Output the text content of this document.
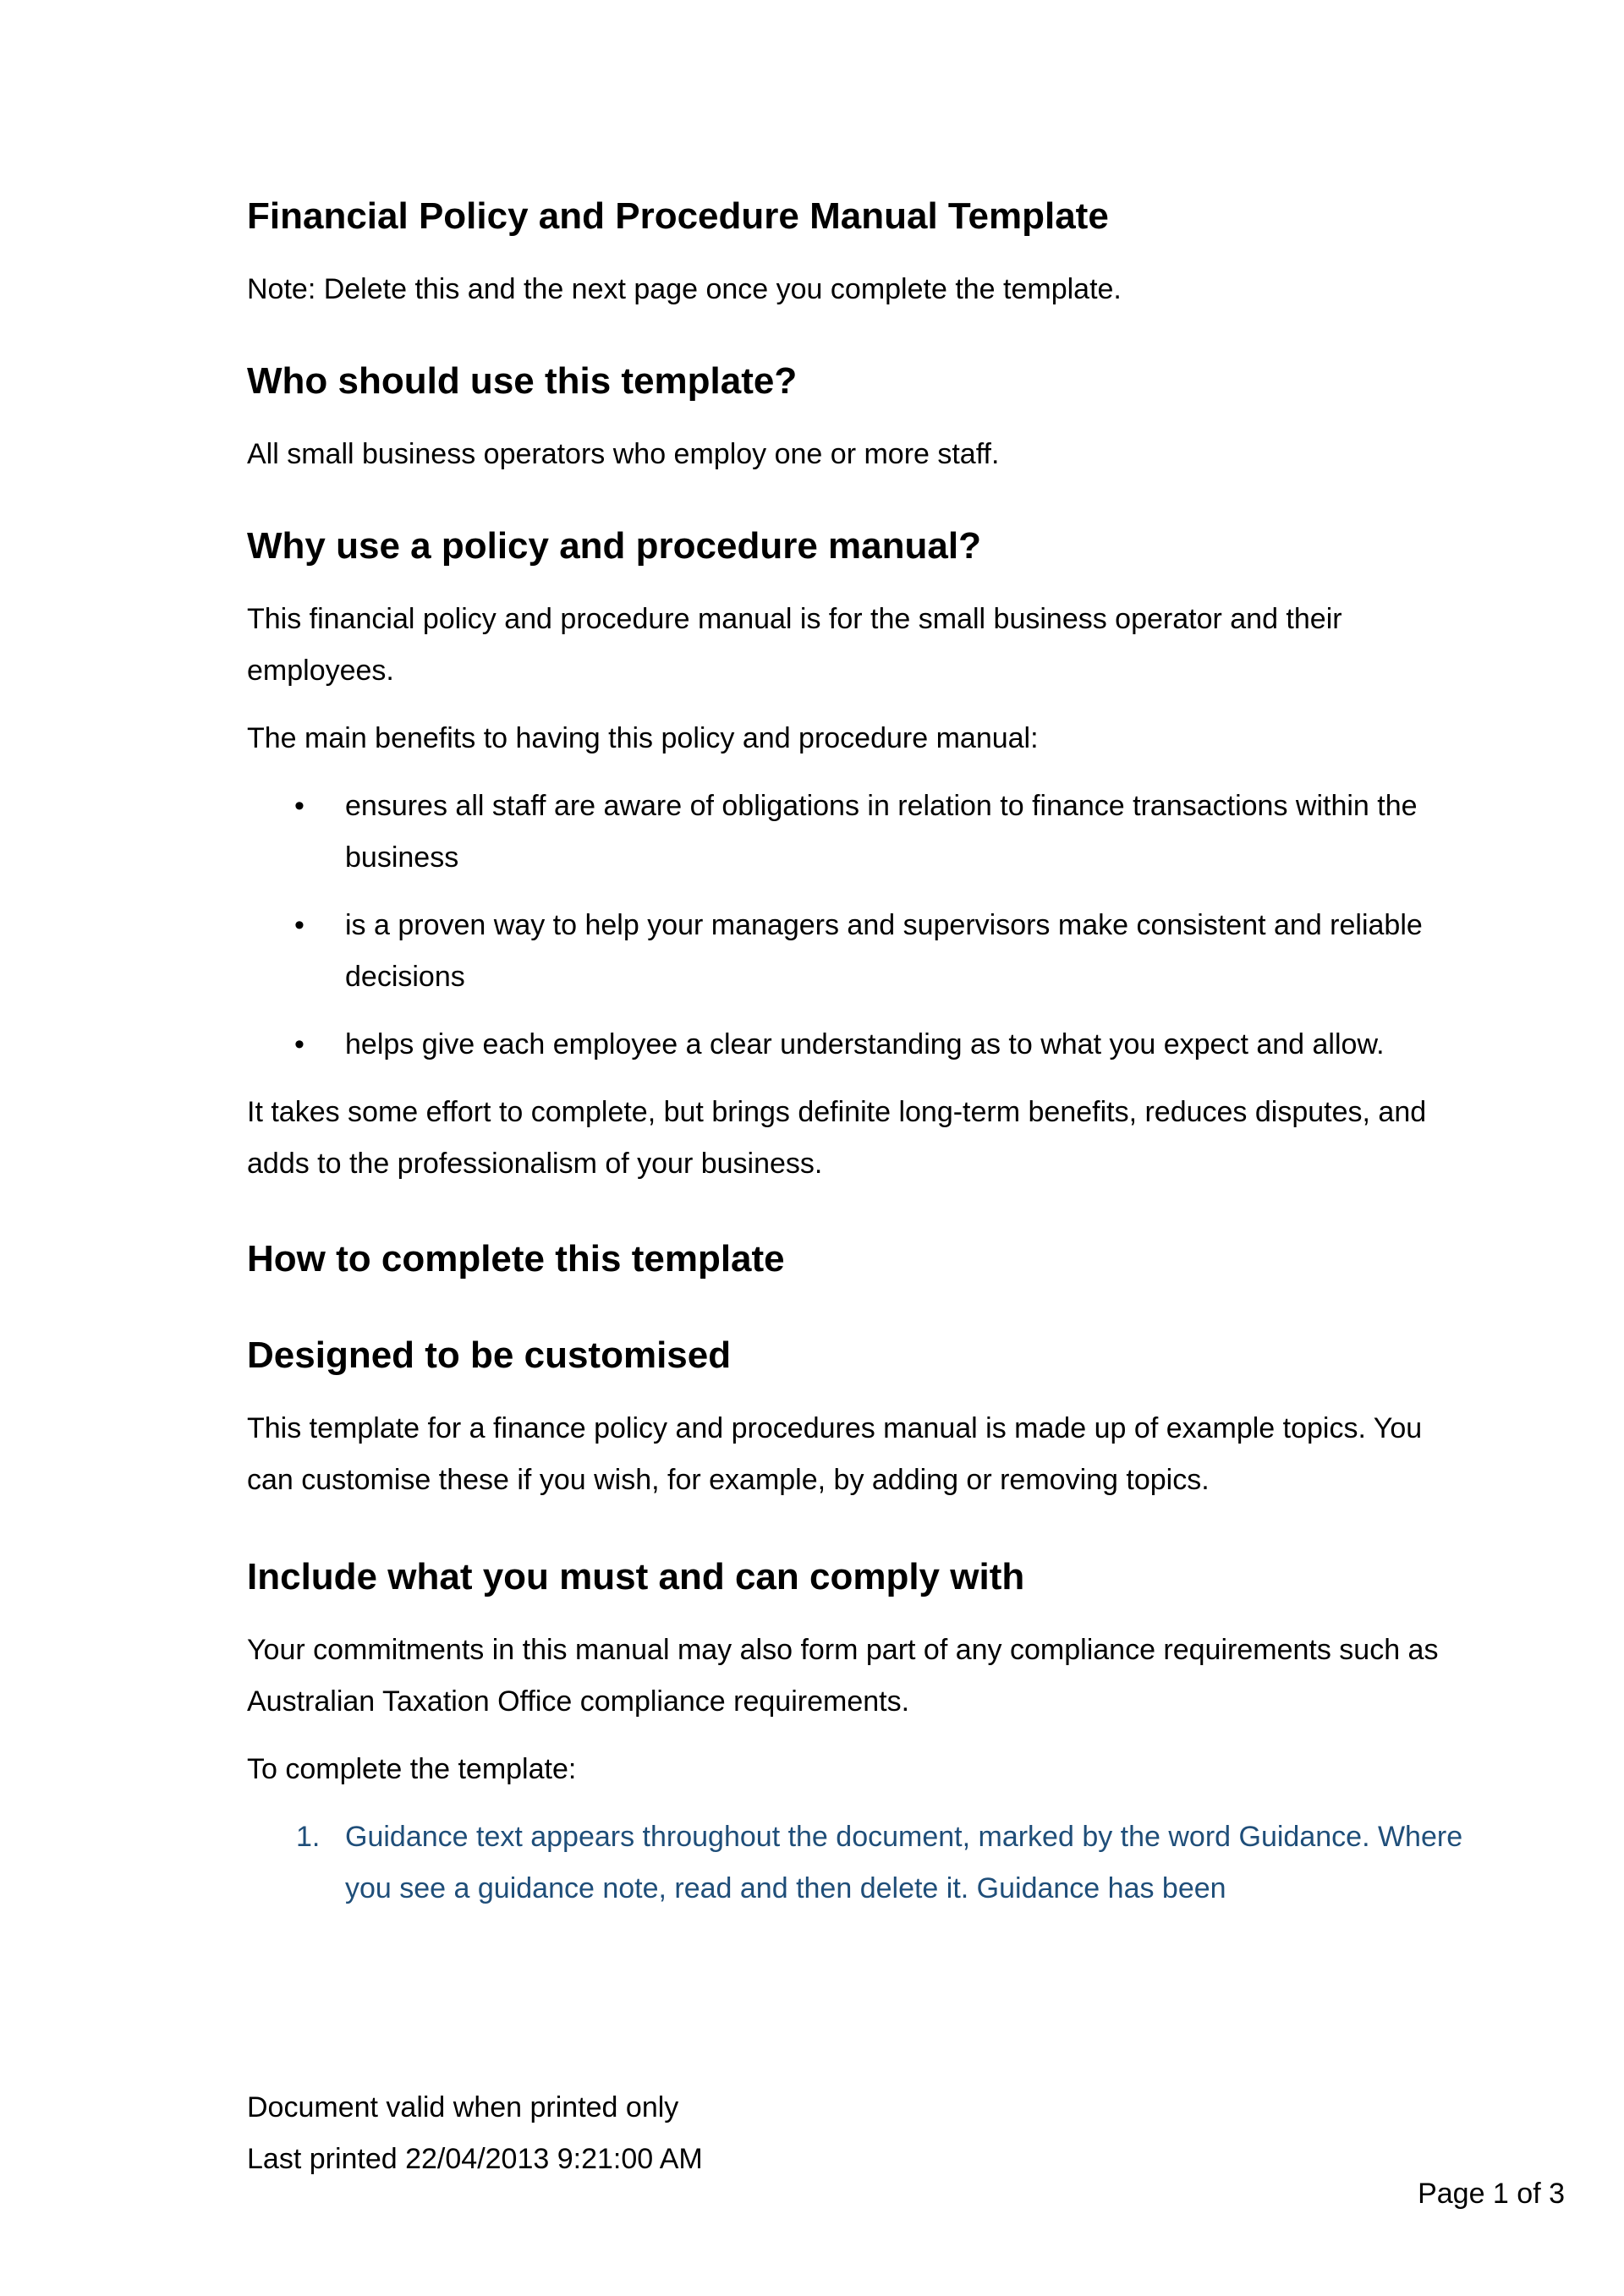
Financial Policy and Procedure Manual Template

Note: Delete this and the next page once you complete the template.

Who should use this template?

All small business operators who employ one or more staff.

Why use a policy and procedure manual?

This financial policy and procedure manual is for the small business operator and their employees.

The main benefits to having this policy and procedure manual:

• ensures all staff are aware of obligations in relation to finance transactions within the business
• is a proven way to help your managers and supervisors make consistent and reliable decisions
• helps give each employee a clear understanding as to what you expect and allow.

It takes some effort to complete, but brings definite long-term benefits, reduces disputes, and adds to the professionalism of your business.

How to complete this template
Designed to be customised

This template for a finance policy and procedures manual is made up of example topics. You can customise these if you wish, for example, by adding or removing topics.

Include what you must and can comply with

Your commitments in this manual may also form part of any compliance requirements such as Australian Taxation Office compliance requirements.

To complete the template:

1. Guidance text appears throughout the document, marked by the word Guidance. Where you see a guidance note, read and then delete it. Guidance has been
Document valid when printed only
Last printed 22/04/2013 9:21:00 AM
Page 1 of 3
